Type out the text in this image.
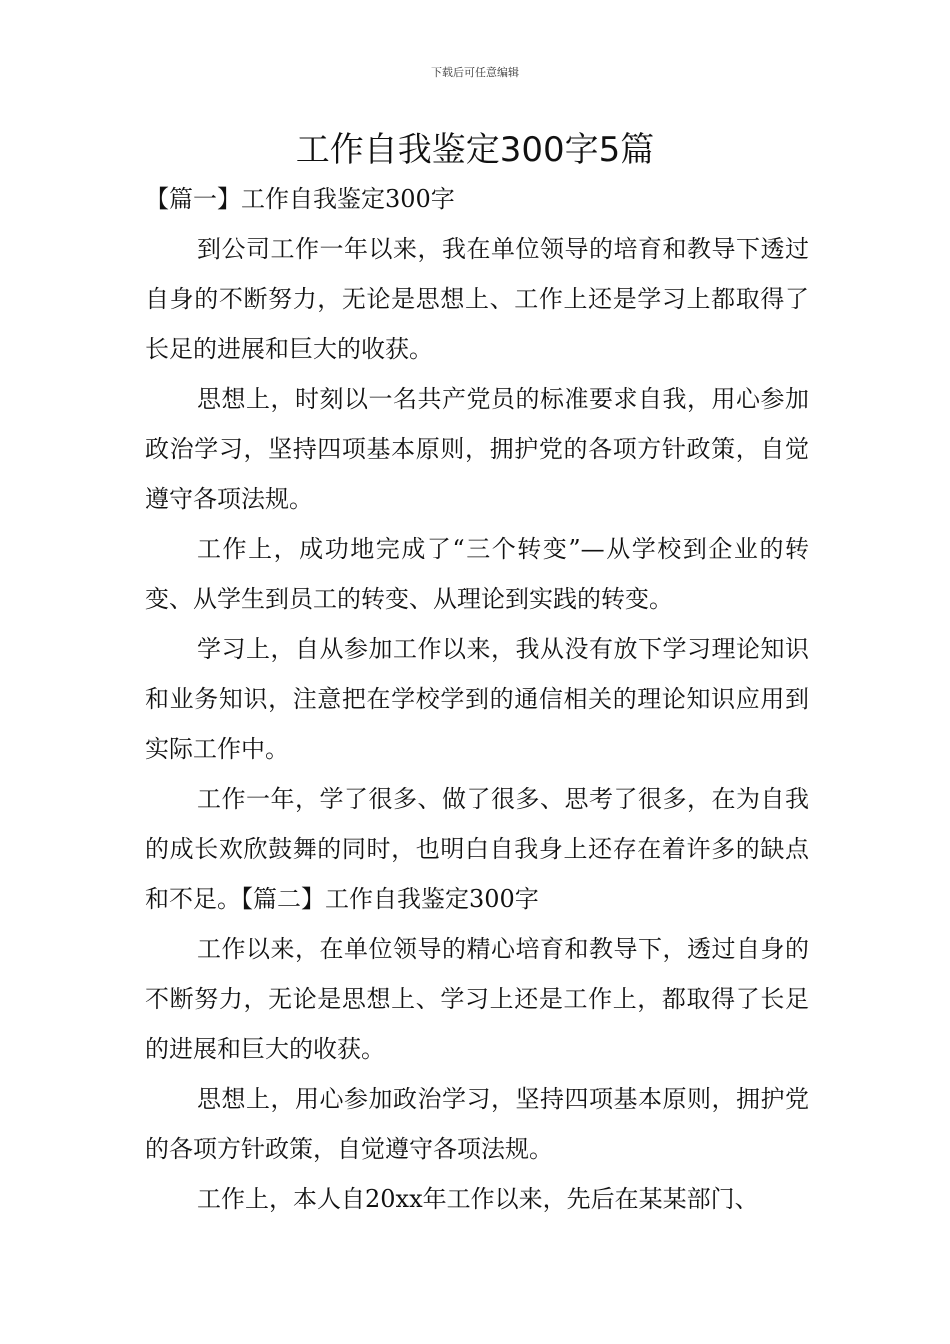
下载后可任意编辑
工作自我鉴定300字5篇

【篇一】工作自我鉴定300字

到公司工作一年以来，我在单位领导的培育和教导下透过自身的不断努力，无论是思想上、工作上还是学习上都取得了长足的进展和巨大的收获。

思想上，时刻以一名共产党员的标准要求自我，用心参加政治学习，坚持四项基本原则，拥护党的各项方针政策，自觉遵守各项法规。

工作上，成功地完成了“三个转变”—从学校到企业的转变、从学生到员工的转变、从理论到实践的转变。

学习上，自从参加工作以来，我从没有放下学习理论知识和业务知识，注意把在学校学到的通信相关的理论知识应用到实际工作中。

工作一年，学了很多、做了很多、思考了很多，在为自我的成长欢欣鼓舞的同时，也明白自我身上还存在着许多的缺点和不足。【篇二】工作自我鉴定300字

工作以来，在单位领导的精心培育和教导下，透过自身的不断努力，无论是思想上、学习上还是工作上，都取得了长足的进展和巨大的收获。

思想上，用心参加政治学习，坚持四项基本原则，拥护党的各项方针政策，自觉遵守各项法规。

工作上，本人自20xx年工作以来，先后在某某部门、
